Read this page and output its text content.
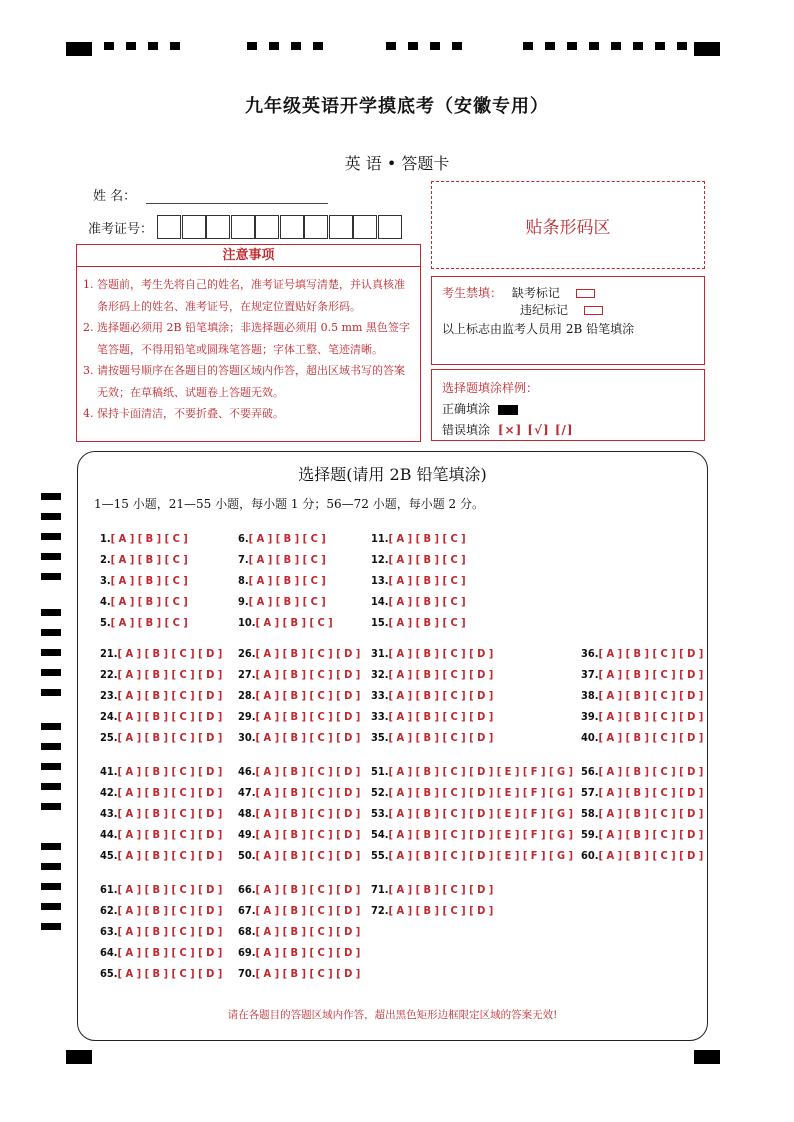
九年级英语开学摸底考（安徽专用）
英 语 • 答题卡
姓 名：
准考证号：	贴条形码区
注意事项
1. 答题前，考生先将自己的姓名，准考证号填写清楚，并认真核准条形码上的姓名、准考证号，在规定位置贴好条形码。
2. 选择题必须用 2B 铅笔填涂；非选择题必须用 0.5 mm 黑色签字笔答题，不得用铅笔或圆珠笔答题；字体工整、笔迹清晰。
3. 请按题号顺序在各题目的答题区域内作答，超出区域书写的答案无效；在草稿纸、试题卷上答题无效。
4. 保持卡面清洁，不要折叠、不要弄破。
考生禁填： 缺考标记
违纪标记
以上标志由监考人员用 2B 铅笔填涂
选择题填涂样例：
正确填涂
错误填涂 [×] [√] [/]
选择题(请用 2B 铅笔填涂)
1—15 小题，21—55 小题，每小题 1 分；56—72 小题，每小题 2 分。
请在各题目的答题区域内作答，超出黑色矩形边框限定区域的答案无效!
1.[ A ] [ B ] [ C ]
2.[ A ] [ B ] [ C ]
3.[ A ] [ B ] [ C ]
4.[ A ] [ B ] [ C ]
5.[ A ] [ B ] [ C ]
6.[ A ] [ B ] [ C ]
7.[ A ] [ B ] [ C ]
8.[ A ] [ B ] [ C ]
9.[ A ] [ B ] [ C ]
10.[ A ] [ B ] [ C ]
11.[ A ] [ B ] [ C ]
12.[ A ] [ B ] [ C ]
13.[ A ] [ B ] [ C ]
14.[ A ] [ B ] [ C ]
15.[ A ] [ B ] [ C ]
21.[ A ] [ B ] [ C ] [ D ]
22.[ A ] [ B ] [ C ] [ D ]
23.[ A ] [ B ] [ C ] [ D ]
24.[ A ] [ B ] [ C ] [ D ]
25.[ A ] [ B ] [ C ] [ D ]
26.[ A ] [ B ] [ C ] [ D ]
27.[ A ] [ B ] [ C ] [ D ]
28.[ A ] [ B ] [ C ] [ D ]
29.[ A ] [ B ] [ C ] [ D ]
30.[ A ] [ B ] [ C ] [ D ]
31.[ A ] [ B ] [ C ] [ D ]
32.[ A ] [ B ] [ C ] [ D ]
33.[ A ] [ B ] [ C ] [ D ]
33.[ A ] [ B ] [ C ] [ D ]
35.[ A ] [ B ] [ C ] [ D ]
36.[ A ] [ B ] [ C ] [ D ]
37.[ A ] [ B ] [ C ] [ D ]
38.[ A ] [ B ] [ C ] [ D ]
39.[ A ] [ B ] [ C ] [ D ]
40.[ A ] [ B ] [ C ] [ D ]
41.[ A ] [ B ] [ C ] [ D ]
42.[ A ] [ B ] [ C ] [ D ]
43.[ A ] [ B ] [ C ] [ D ]
44.[ A ] [ B ] [ C ] [ D ]
45.[ A ] [ B ] [ C ] [ D ]
46.[ A ] [ B ] [ C ] [ D ]
47.[ A ] [ B ] [ C ] [ D ]
48.[ A ] [ B ] [ C ] [ D ]
49.[ A ] [ B ] [ C ] [ D ]
50.[ A ] [ B ] [ C ] [ D ]
51.[ A ] [ B ] [ C ] [ D ] [ E ] [ F ] [ G ]
52.[ A ] [ B ] [ C ] [ D ] [ E ] [ F ] [ G ]
53.[ A ] [ B ] [ C ] [ D ] [ E ] [ F ] [ G ]
54.[ A ] [ B ] [ C ] [ D ] [ E ] [ F ] [ G ]
55.[ A ] [ B ] [ C ] [ D ] [ E ] [ F ] [ G ]
56.[ A ] [ B ] [ C ] [ D ]
57.[ A ] [ B ] [ C ] [ D ]
58.[ A ] [ B ] [ C ] [ D ]
59.[ A ] [ B ] [ C ] [ D ]
60.[ A ] [ B ] [ C ] [ D ]
61.[ A ] [ B ] [ C ] [ D ]
62.[ A ] [ B ] [ C ] [ D ]
63.[ A ] [ B ] [ C ] [ D ]
64.[ A ] [ B ] [ C ] [ D ]
65.[ A ] [ B ] [ C ] [ D ]
66.[ A ] [ B ] [ C ] [ D ]
67.[ A ] [ B ] [ C ] [ D ]
68.[ A ] [ B ] [ C ] [ D ]
69.[ A ] [ B ] [ C ] [ D ]
70.[ A ] [ B ] [ C ] [ D ]
71.[ A ] [ B ] [ C ] [ D ]
72.[ A ] [ B ] [ C ] [ D ]
